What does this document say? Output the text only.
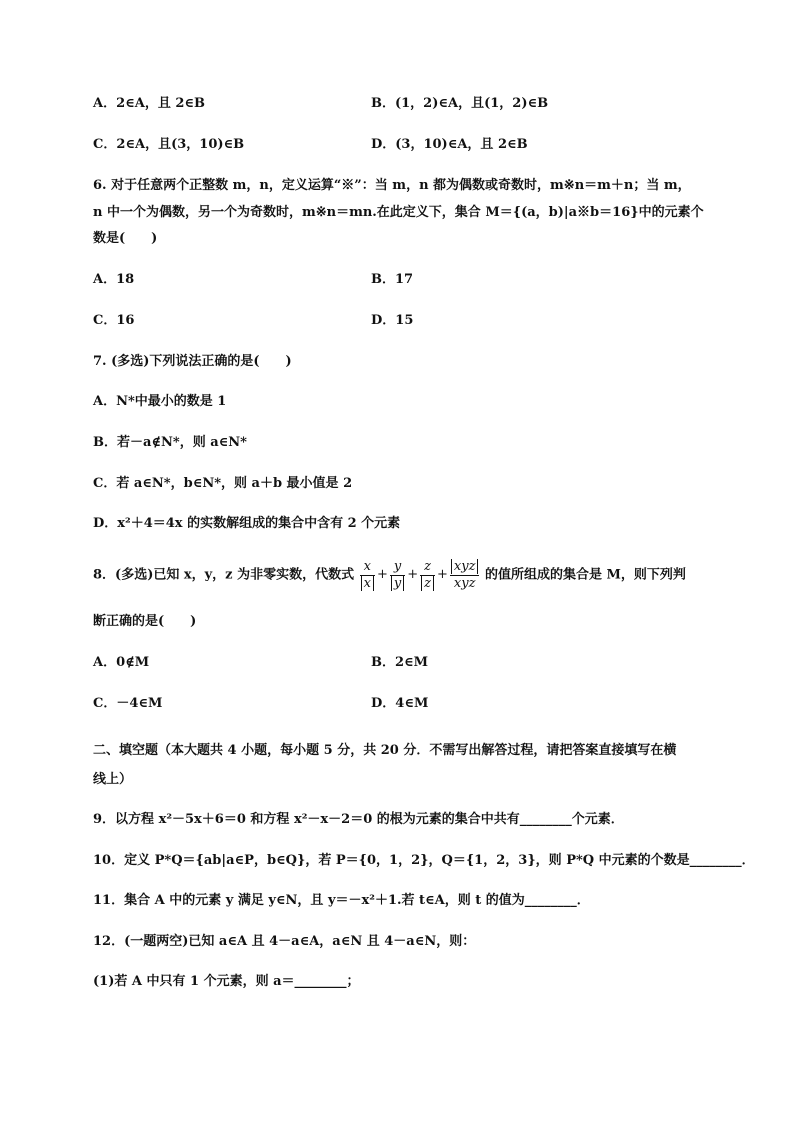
A．2∈A，且 2∈B	B．(1，2)∈A，且(1，2)∈B
C．2∈A，且(3，10)∈B	D．(3，10)∈A，且 2∈B
6. 对于任意两个正整数 m，n，定义运算“※”：当 m，n 都为偶数或奇数时，m※n＝m＋n；当 m，
n 中一个为偶数，另一个为奇数时，m※n＝mn.在此定义下，集合 M＝{(a，b)|a※b＝16}中的元素个
数是(　　)
A．18	B．17
C．16	D．15
7. (多选)下列说法正确的是(　　)
A．N*中最小的数是 1
B．若－a∉N*，则 a∈N*
C．若 a∈N*，b∈N*，则 a＋b 最小值是 2
D．x²＋4＝4x 的实数解组成的集合中含有 2 个元素
8．(多选)已知 x，y，z 为非零实数，代数式 $\frac{x}{x} + \frac{y}{y} + \frac{z}{z} + \frac{\text{xyz}}{\text{xyz}}$ 的值所组成的集合是 M，则下列判
断正确的是(　　)
A．0∉M	B．2∈M
C．－4∈M	D．4∈M
二、填空题（本大题共 4 小题，每小题 5 分，共 20 分．不需写出解答过程，请把答案直接填写在横
线上）
9．以方程 x²－5x＋6＝0 和方程 x²－x－2＝0 的根为元素的集合中共有________个元素．
10．定义 P*Q＝{ab|a∈P，b∈Q}，若 P＝{0，1，2}，Q＝{1，2，3}，则 P*Q 中元素的个数是________．
11．集合 A 中的元素 y 满足 y∈N，且 y＝－x²＋1.若 t∈A，则 t 的值为________．
12．(一题两空)已知 a∈A 且 4－a∈A，a∈N 且 4－a∈N，则：
(1)若 A 中只有 1 个元素，则 a＝________；
